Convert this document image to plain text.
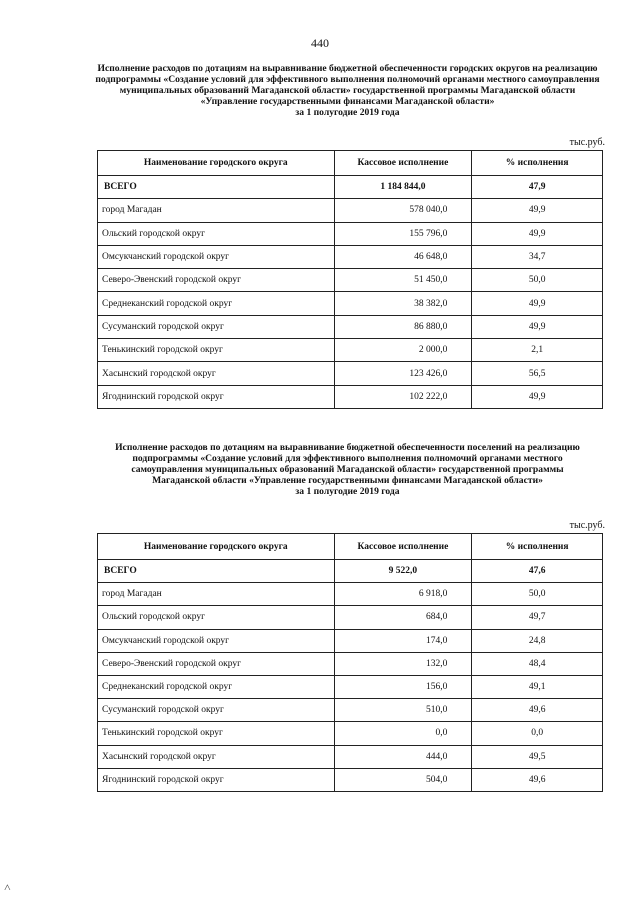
440
Исполнение расходов по дотациям на выравнивание бюджетной обеспеченности городских округов на реализацию
подпрограммы «Создание условий для эффективного выполнения полномочий органами местного самоуправления
муниципальных образований Магаданской области» государственной программы Магаданской области
«Управление государственными финансами Магаданской области»
за 1 полугодие 2019 года
тыс.руб.
Наименование городского округа	Кассовое исполнение	% исполнения
ВСЕГО	1 184 844,0	47,9
город Магадан	578 040,0	49,9
Ольский городской округ	155 796,0	49,9
Омсукчанский городской округ	46 648,0	34,7
Северо-Эвенский городской округ	51 450,0	50,0
Среднеканский городской округ	38 382,0	49,9
Сусуманский городской округ	86 880,0	49,9
Тенькинский городской округ	2 000,0	2,1
Хасынский городской округ	123 426,0	56,5
Ягоднинский городской округ	102 222,0	49,9
Исполнение расходов по дотациям на выравнивание бюджетной обеспеченности поселений на реализацию
подпрограммы «Создание условий для эффективного выполнения полномочий органами местного
самоуправления муниципальных образований Магаданской области» государственной программы
Магаданской области «Управление государственными финансами Магаданской области»
за 1 полугодие 2019 года
тыс.руб.
Наименование городского округа	Кассовое исполнение	% исполнения
ВСЕГО	9 522,0	47,6
город Магадан	6 918,0	50,0
Ольский городской округ	684,0	49,7
Омсукчанский городской округ	174,0	24,8
Северо-Эвенский городской округ	132,0	48,4
Среднеканский городской округ	156,0	49,1
Сусуманский городской округ	510,0	49,6
Тенькинский городской округ	0,0	0,0
Хасынский городской округ	444,0	49,5
Ягоднинский городской округ	504,0	49,6
˄
